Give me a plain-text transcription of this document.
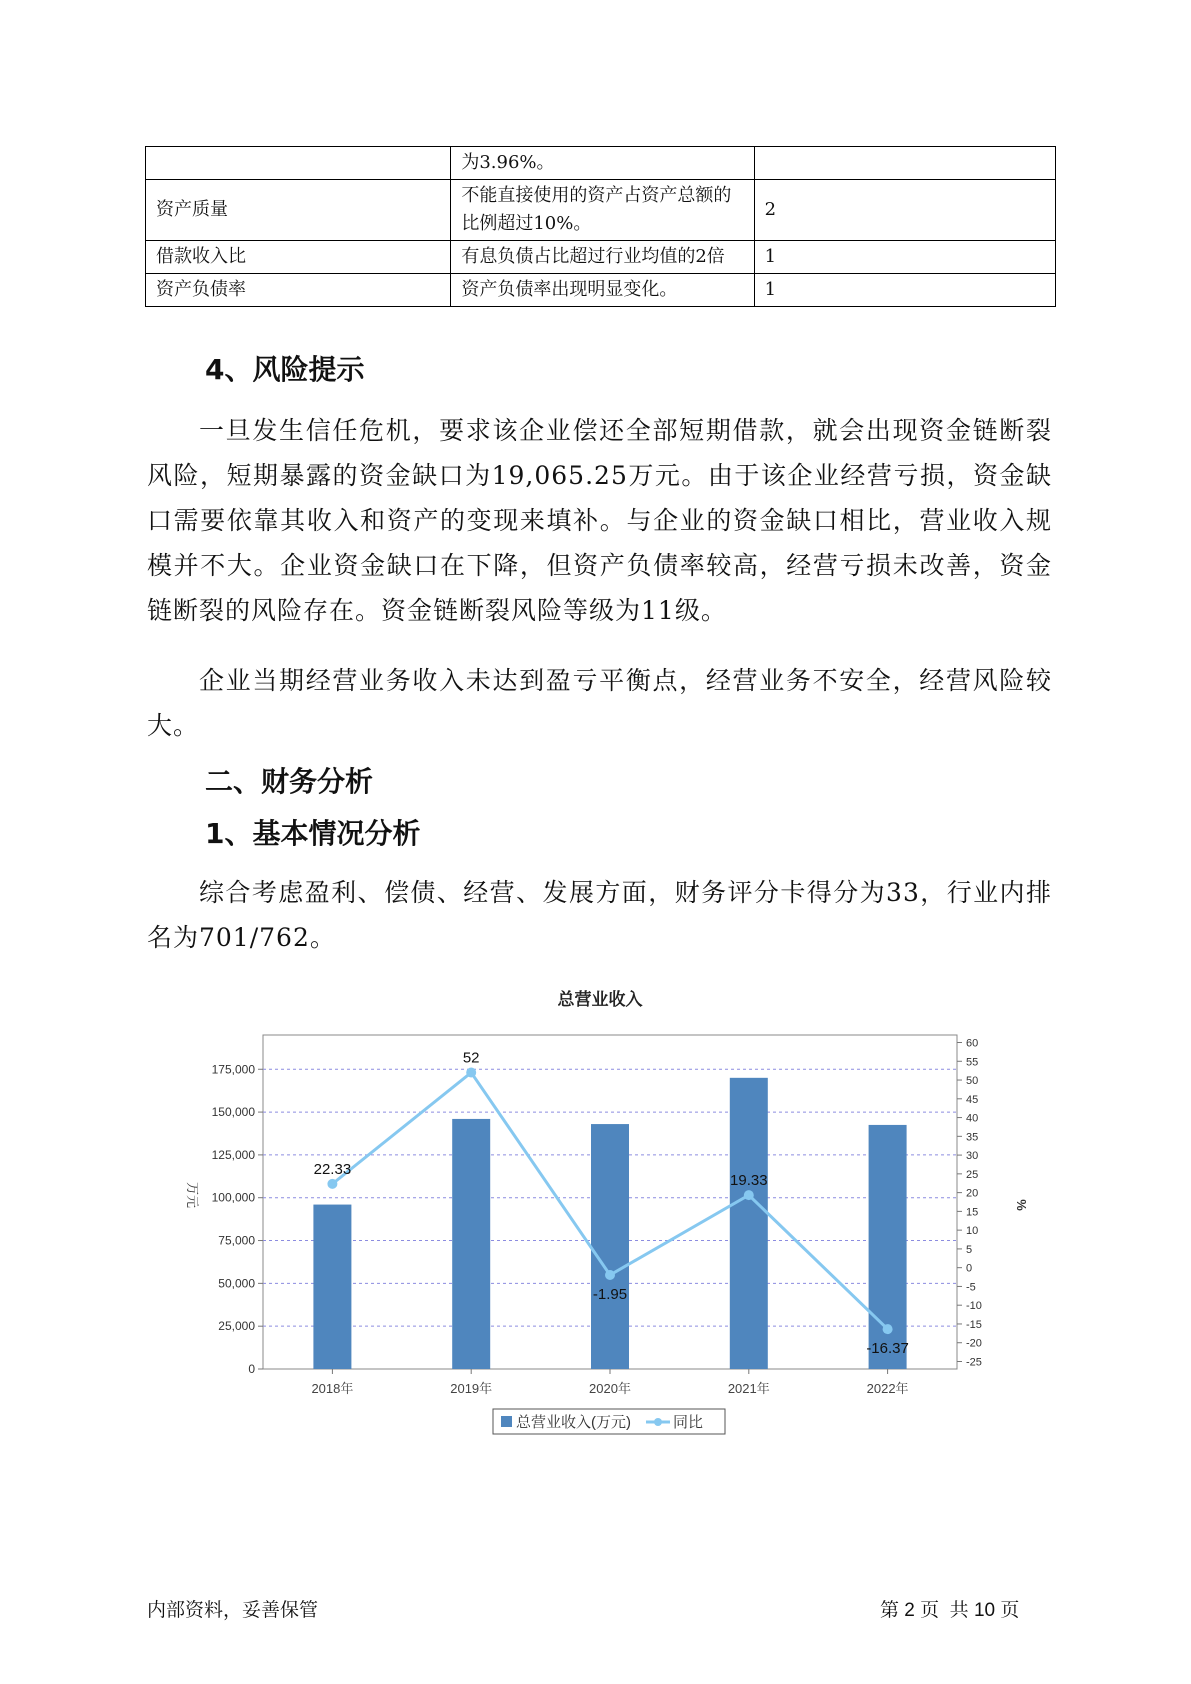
	为3.96%。	
资产质量	不能直接使用的资产占资产总额的比例超过10%。	2
借款收入比	有息负债占比超过行业均值的2倍	1
资产负债率	资产负债率出现明显变化。	1
4、风险提示
一旦发生信任危机，要求该企业偿还全部短期借款，就会出现资金链断裂风险，短期暴露的资金缺口为19,065.25万元。由于该企业经营亏损，资金缺口需要依靠其收入和资产的变现来填补。与企业的资金缺口相比，营业收入规模并不大。企业资金缺口在下降，但资产负债率较高，经营亏损未改善，资金链断裂的风险存在。资金链断裂风险等级为11级。
企业当期经营业务收入未达到盈亏平衡点，经营业务不安全，经营风险较大。
二、财务分析
1、基本情况分析
综合考虑盈利、偿债、经营、发展方面，财务评分卡得分为33，行业内排名为701/762。
总营业收入
22.33
52
-1.95
19.33
-16.37
0
25,000
50,000
75,000
100,000
125,000
150,000
175,000
-25
-20
-15
-10
-5
0
5
10
15
20
25
30
35
40
45
50
55
60
2018年	2019年	2020年	2021年	2022年
万元	%
总营业收入(万元)	同比
内部资料，妥善保管	第 2 页  共 10 页
